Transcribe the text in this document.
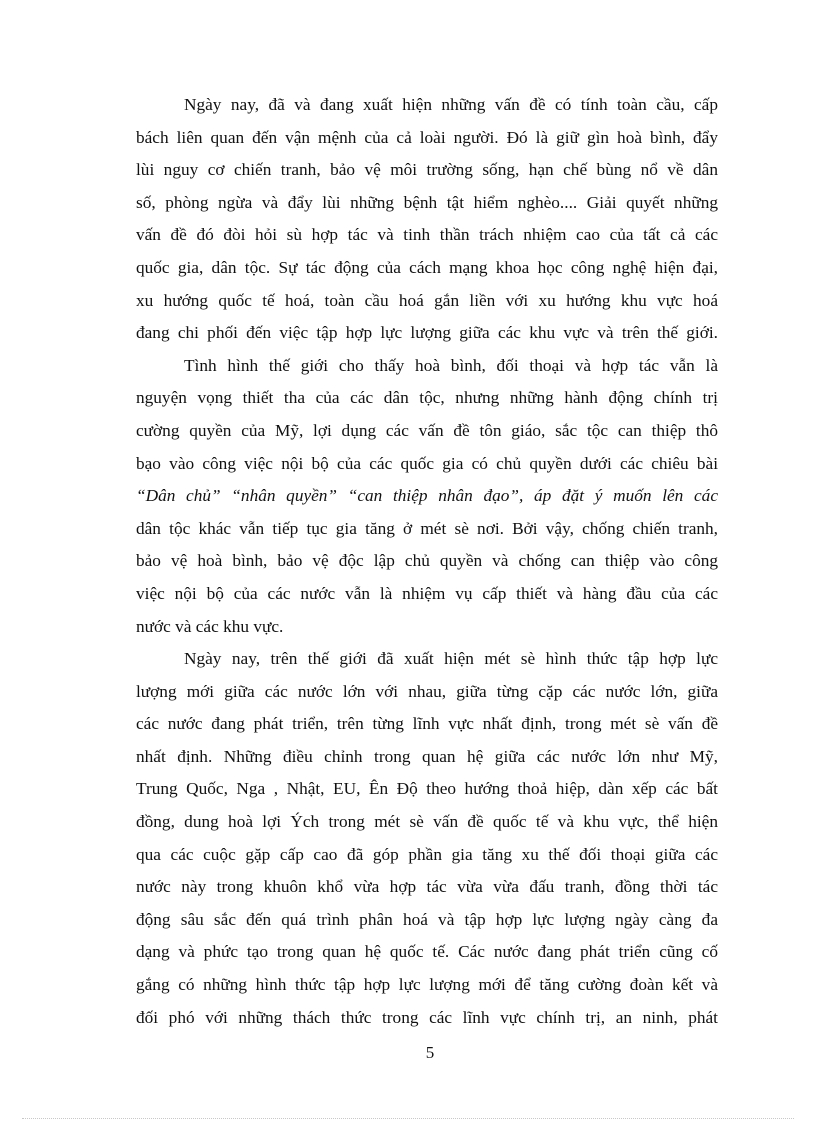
Ngày nay, đã và đang xuất hiện những vấn đề có tính toàn cầu, cấp
bách liên quan đến vận mệnh của cả loài người. Đó là giữ gìn hoà bình, đẩy
lùi nguy cơ chiến tranh, bảo vệ môi trường sống, hạn chế bùng nổ về dân
số, phòng ngừa và đẩy lùi những bệnh tật hiểm nghèo.... Giải quyết những
vấn đề đó đòi hỏi sù hợp tác và tinh thần trách nhiệm cao của tất cả các
quốc gia, dân tộc. Sự tác động của cách mạng khoa học công nghệ hiện đại,
xu hướng quốc tế hoá, toàn cầu hoá gắn liền với xu hướng khu vực hoá
đang chi phối đến việc tập hợp lực lượng giữa các khu vực và trên thế giới.
Tình hình thế giới cho thấy hoà bình, đối thoại và hợp tác vẫn là
nguyện vọng thiết tha của các dân tộc, nhưng những hành động chính trị
cường quyền của Mỹ, lợi dụng các vấn đề tôn giáo, sắc tộc can thiệp thô
bạo vào công việc nội bộ của các quốc gia có chủ quyền dưới các chiêu bài
“Dân chủ” “nhân quyền” “can thiệp nhân đạo”, áp đặt ý muốn lên các
dân tộc khác vẫn tiếp tục gia tăng ở mét sè nơi. Bởi vậy, chống chiến tranh,
bảo vệ hoà bình, bảo vệ độc lập chủ quyền và chống can thiệp vào công
việc nội bộ của các nước vẫn là nhiệm vụ cấp thiết và hàng đầu của các
nước và các khu vực.
Ngày nay, trên thế giới đã xuất hiện mét sè hình thức tập hợp lực
lượng mới giữa các nước lớn với nhau, giữa từng cặp các nước lớn, giữa
các nước đang phát triển, trên từng lĩnh vực nhất định, trong mét sè vấn đề
nhất định. Những điều chỉnh trong quan hệ giữa các nước lớn như Mỹ,
Trung Quốc, Nga , Nhật, EU, Ên Độ theo hướng thoả hiệp, dàn xếp các bất
đồng, dung hoà lợi Ých trong mét sè vấn đề quốc tế và khu vực, thể hiện
qua các cuộc gặp cấp cao đã góp phần gia tăng xu thế đối thoại giữa các
nước này trong khuôn khổ vừa hợp tác vừa vừa đấu tranh, đồng thời tác
động sâu sắc đến quá trình phân hoá và tập hợp lực lượng ngày càng đa
dạng và phức tạo trong quan hệ quốc tế. Các nước đang phát triển cũng cố
gắng có những hình thức tập hợp lực lượng mới để tăng cường đoàn kết và
đối phó với những thách thức trong các lĩnh vực chính trị, an ninh, phát
5
